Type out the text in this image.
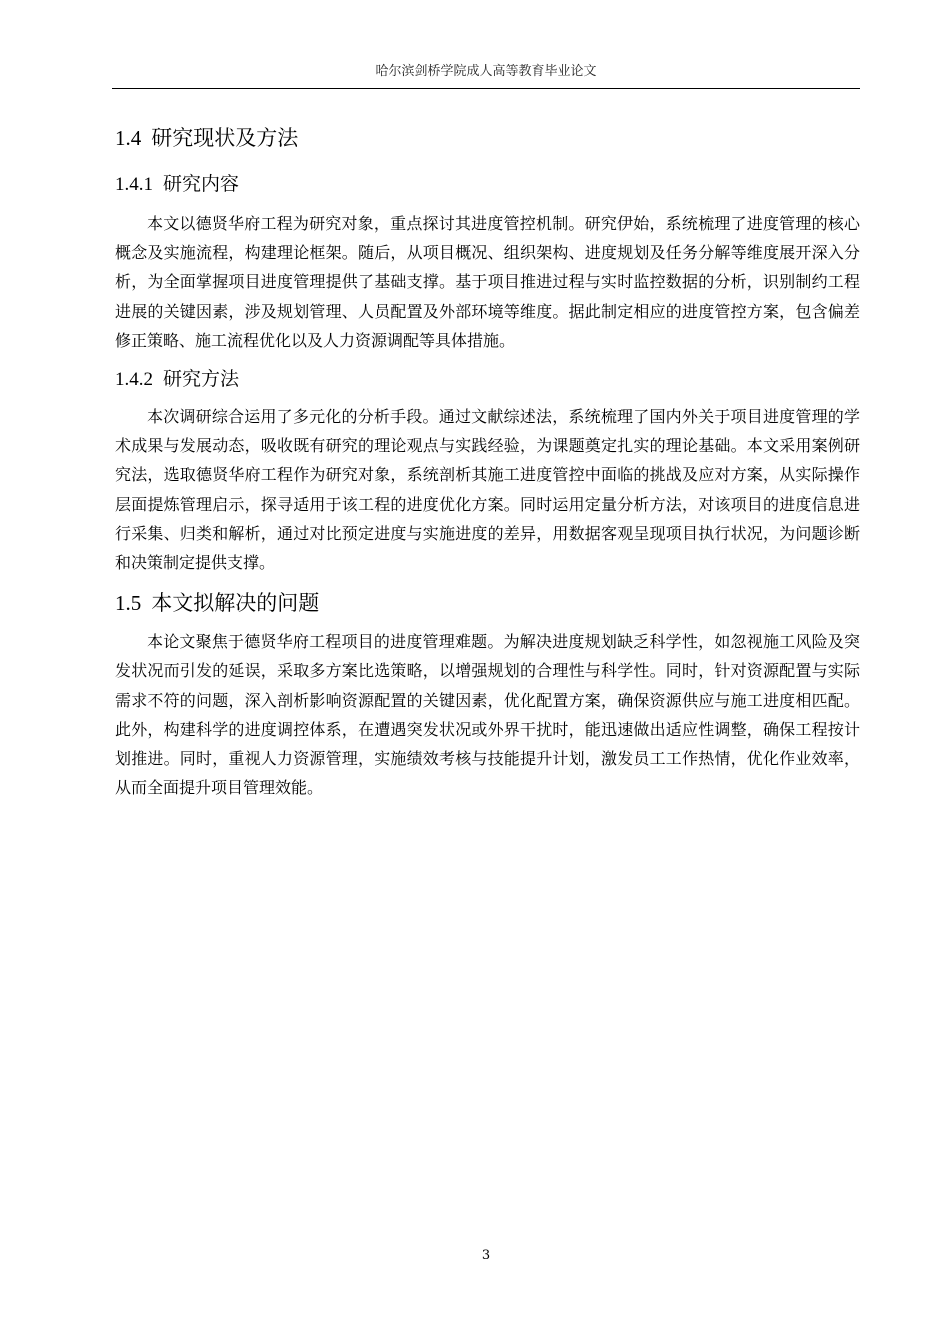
哈尔滨剑桥学院成人高等教育毕业论文
1.4 研究现状及方法
1.4.1 研究内容

本文以德贤华府工程为研究对象，重点探讨其进度管控机制。研究伊始，系统梳理了进度管理的核心概念及实施流程，构建理论框架。随后，从项目概况、组织架构、进度规划及任务分解等维度展开深入分析，为全面掌握项目进度管理提供了基础支撑。基于项目推进过程与实时监控数据的分析，识别制约工程进展的关键因素，涉及规划管理、人员配置及外部环境等维度。据此制定相应的进度管控方案，包含偏差修正策略、施工流程优化以及人力资源调配等具体措施。

1.4.2 研究方法

本次调研综合运用了多元化的分析手段。通过文献综述法，系统梳理了国内外关于项目进度管理的学术成果与发展动态，吸收既有研究的理论观点与实践经验，为课题奠定扎实的理论基础。本文采用案例研究法，选取德贤华府工程作为研究对象，系统剖析其施工进度管控中面临的挑战及应对方案，从实际操作层面提炼管理启示，探寻适用于该工程的进度优化方案。同时运用定量分析方法，对该项目的进度信息进行采集、归类和解析，通过对比预定进度与实施进度的差异，用数据客观呈现项目执行状况，为问题诊断和决策制定提供支撑。

1.5 本文拟解决的问题

本论文聚焦于德贤华府工程项目的进度管理难题。为解决进度规划缺乏科学性，如忽视施工风险及突发状况而引发的延误，采取多方案比选策略，以增强规划的合理性与科学性。同时，针对资源配置与实际需求不符的问题，深入剖析影响资源配置的关键因素，优化配置方案，确保资源供应与施工进度相匹配。此外，构建科学的进度调控体系，在遭遇突发状况或外界干扰时，能迅速做出适应性调整，确保工程按计划推进。同时，重视人力资源管理，实施绩效考核与技能提升计划，激发员工工作热情，优化作业效率，从而全面提升项目管理效能。

3
